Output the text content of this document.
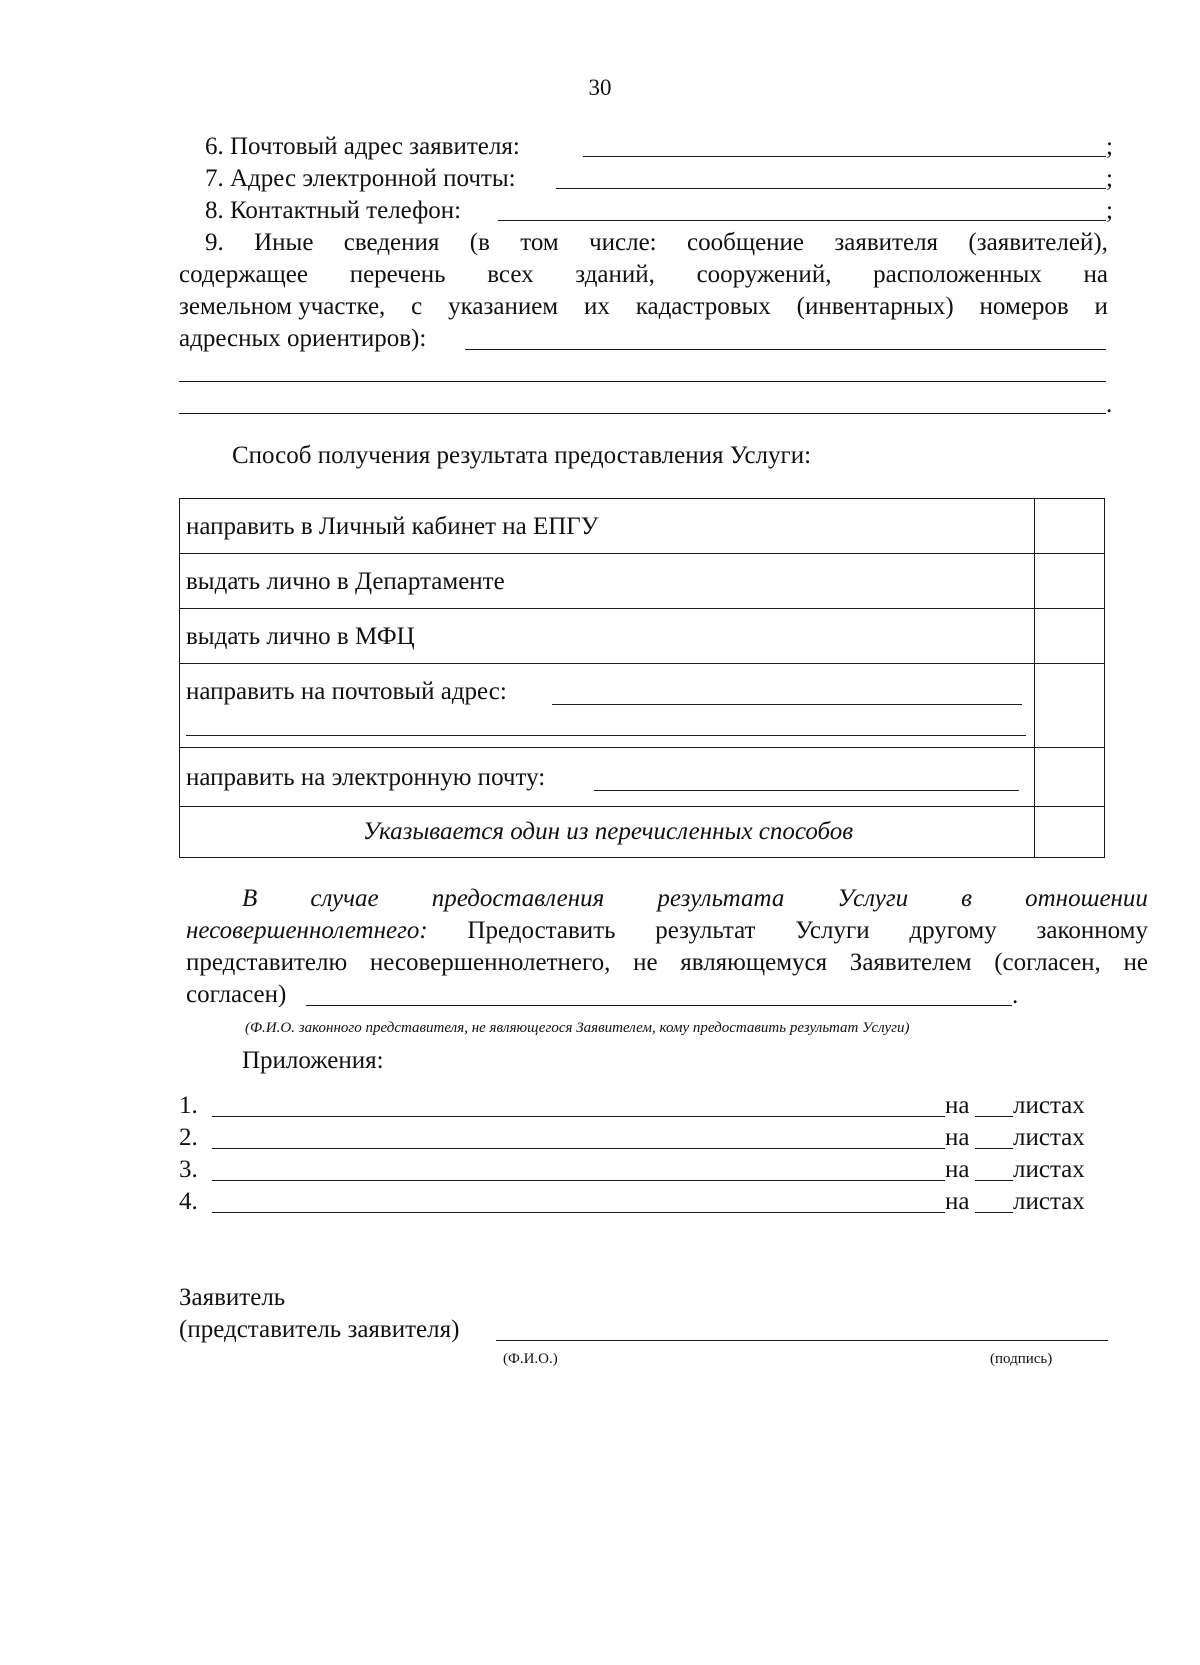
30
6. Почтовый адрес заявителя:	;
7. Адрес электронной почты:	;
8. Контактный телефон:	;
9. Иные сведения (в том числе: сообщение заявителя (заявителей),
содержащее перечень всех зданий, сооружений, расположенных на
земельном участке, с указанием их кадастровых (инвентарных) номеров и
адресных ориентиров):
.
Способ получения результата предоставления Услуги:
направить в Личный кабинет на ЕПГУ
выдать лично в Департаменте
выдать лично в МФЦ
направить на почтовый адрес:
направить на электронную почту:
Указывается один из перечисленных способов
В случае предоставления результата Услуги в отношении
несовершеннолетнего: Предоставить результат Услуги другому законному
представителю несовершеннолетнего, не являющемуся Заявителем (согласен, не
согласен)	.
(Ф.И.О. законного представителя, не являющегося Заявителем, кому предоставить результат Услуги)
Приложения:
1.	на листах
2.	на листах
3.	на листах
4.	на листах
Заявитель
(представитель заявителя)
(Ф.И.О.)	(подпись)
